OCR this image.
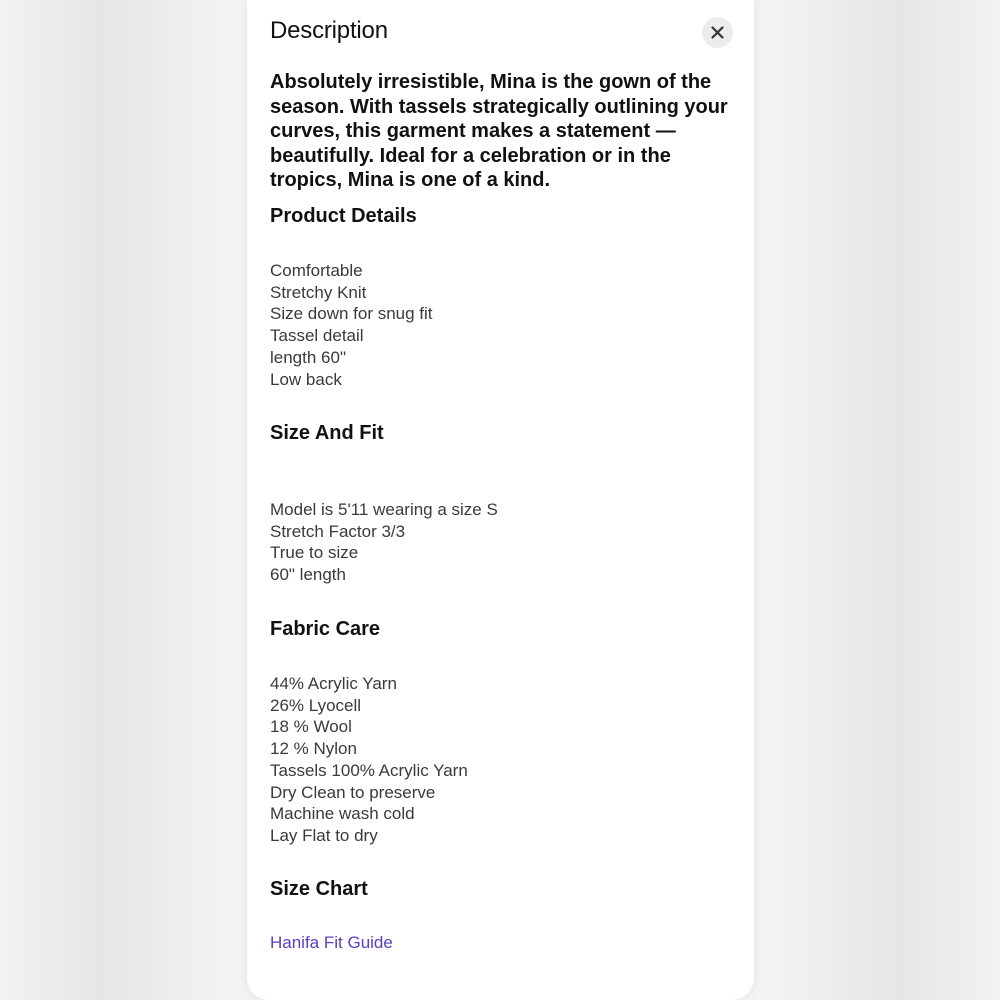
Description

Absolutely irresistible, Mina is the gown of the season. With tassels strategically outlining your curves, this garment makes a statement — beautifully. Ideal for a celebration or in the tropics, Mina is one of a kind.

Product Details
Comfortable
Stretchy Knit
Size down for snug fit
Tassel detail
length 60"
Low back
Size And Fit
Model is 5'11 wearing a size S
Stretch Factor 3/3
True to size
60" length
Fabric Care
44% Acrylic Yarn
26% Lyocell
18 % Wool
12 % Nylon
Tassels 100% Acrylic Yarn
Dry Clean to preserve
Machine wash cold
Lay Flat to dry
Size Chart
Hanifa Fit Guide
